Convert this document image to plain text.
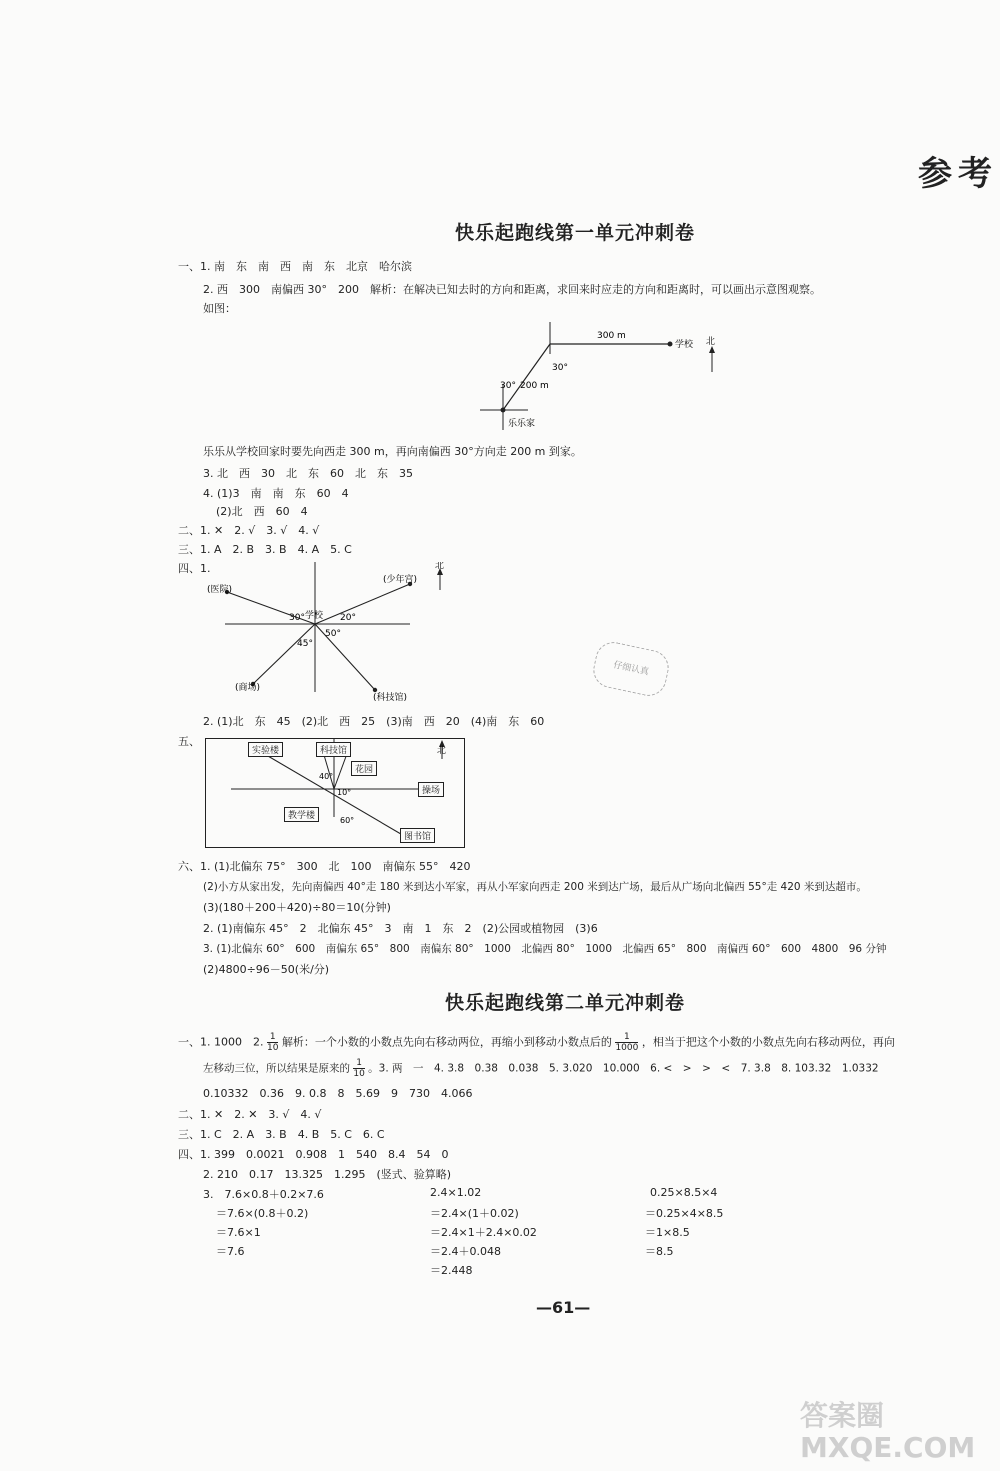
参考
快乐起跑线第一单元冲刺卷
一、1. 南　东　南　西　南　东　北京　哈尔滨
2. 西　300　南偏西 30°　200　解析：在解决已知去时的方向和距离，求回来时应走的方向和距离时，可以画出示意图观察。
如图：
300 m
学校 北
30°
30° 200 m
乐乐家
乐乐从学校回家时要先向西走 300 m，再向南偏西 30°方向走 200 m 到家。
3. 北　西　30　北　东　60　北　东　35
4. (1)3　南　南　东　60　4
(2)北　西　60　4
二、1. ✕　2. √　3. √　4. √
三、1. A　2. B　3. B　4. A　5. C
四、1.
(医院)
(少年宫)
北
学校
30°	20°
50°
45°
(商场)
(科技馆)
仔细认真
2. (1)北　东　45　(2)北　西　25　(3)南　西　20　(4)南　东　60
五、
北
40°
10°
60°
实验楼	科技馆
花园
操场
教学楼
图书馆
六、1. (1)北偏东 75°　300　北　100　南偏东 55°　420
(2)小方从家出发，先向南偏西 40°走 180 米到达小军家，再从小军家向西走 200 米到达广场，最后从广场向北偏西 55°走 420 米到达超市。
(3)(180＋200＋420)÷80＝10(分钟)
2. (1)南偏东 45°　2　北偏东 45°　3　南　1　东　2　(2)公园或植物园　(3)6
3. (1)北偏东 60°　600　南偏东 65°　800　南偏东 80°　1000　北偏西 80°　1000　北偏西 65°　800　南偏西 60°　600　4800　96 分钟
(2)4800÷96－50(米/分)
快乐起跑线第二单元冲刺卷
一、1. 1000　2. $\frac{1}{10}$ 解析：一个小数的小数点先向右移动两位，再缩小到移动小数点后的 $\frac{1}{1000}$ ，相当于把这个小数的小数点先向右移动两位，再向
左移动三位，所以结果是原来的 $\frac{1}{10}$ 。3. 两　一　4. 3.8　0.38　0.038　5. 3.020　10.000　6. <　>　>　<　7. 3.8　8. 103.32　1.0332
0.10332　0.36　9. 0.8　8　5.69　9　730　4.066
二、1. ✕　2. ✕　3. √　4. √
三、1. C　2. A　3. B　4. B　5. C　6. C
四、1. 399　0.0021　0.908　1　540　8.4　54　0
2. 210　0.17　13.325　1.295　(竖式、验算略)
3.　7.6×0.8＋0.2×7.6
＝7.6×(0.8＋0.2)
＝7.6×1
＝7.6
2.4×1.02
＝2.4×(1＋0.02)
＝2.4×1＋2.4×0.02
＝2.4＋0.048
＝2.448
0.25×8.5×4
＝0.25×4×8.5
＝1×8.5
＝8.5
—61—
答案圈 MXQE.COM
